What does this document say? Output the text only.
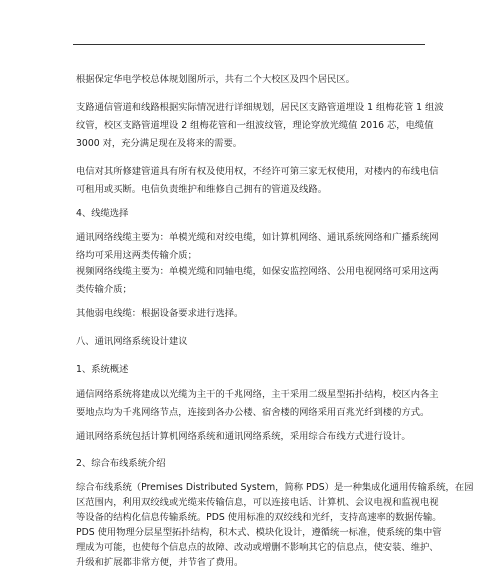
根据保定华电学校总体规划图所示，共有二个大校区及四个居民区。
支路通信管道和线路根据实际情况进行详细规划，居民区支路管道埋设 1 组梅花管 1 组波
纹管，校区支路管道埋设 2 组梅花管和一组波纹管，理论穿放光缆值 2016 芯，电缆值
3000 对，充分满足现在及将来的需要。
电信对其所修建管道具有所有权及使用权，不经许可第三家无权使用，对楼内的布线电信
可租用或买断。电信负责维护和维修自己拥有的管道及线路。
4、线缆选择
通讯网络线缆主要为：单模光缆和对绞电缆，如计算机网络、通讯系统网络和广播系统网
络均可采用这两类传输介质；
视频网络线缆主要为：单模光缆和同轴电缆，如保安监控网络、公用电视网络可采用这两
类传输介质；
其他弱电线缆：根据设备要求进行选择。
八、通讯网络系统设计建议
1、系统概述
通信网络系统将建成以光缆为主干的千兆网络，主干采用二级星型拓扑结构，校区内各主
要地点均为千兆网络节点，连接到各办公楼、宿舍楼的网络采用百兆光纤到楼的方式。
通讯网络系统包括计算机网络系统和通讯网络系统，采用综合布线方式进行设计。
2、综合布线系统介绍
综合布线系统（Premises Distributed System，简称 PDS）是一种集成化通用传输系统，在园
区范围内，利用双绞线或光缆来传输信息，可以连接电话、计算机、会议电视和监视电视
等设备的结构化信息传输系统。PDS 使用标准的双绞线和光纤，支持高速率的数据传输。
PDS 使用物理分层星型拓扑结构，积木式、模块化设计，遵循统一标准，使系统的集中管
理成为可能，也使每个信息点的故障、改动或增删不影响其它的信息点，使安装、维护、
升级和扩展都非常方便，并节省了费用。
